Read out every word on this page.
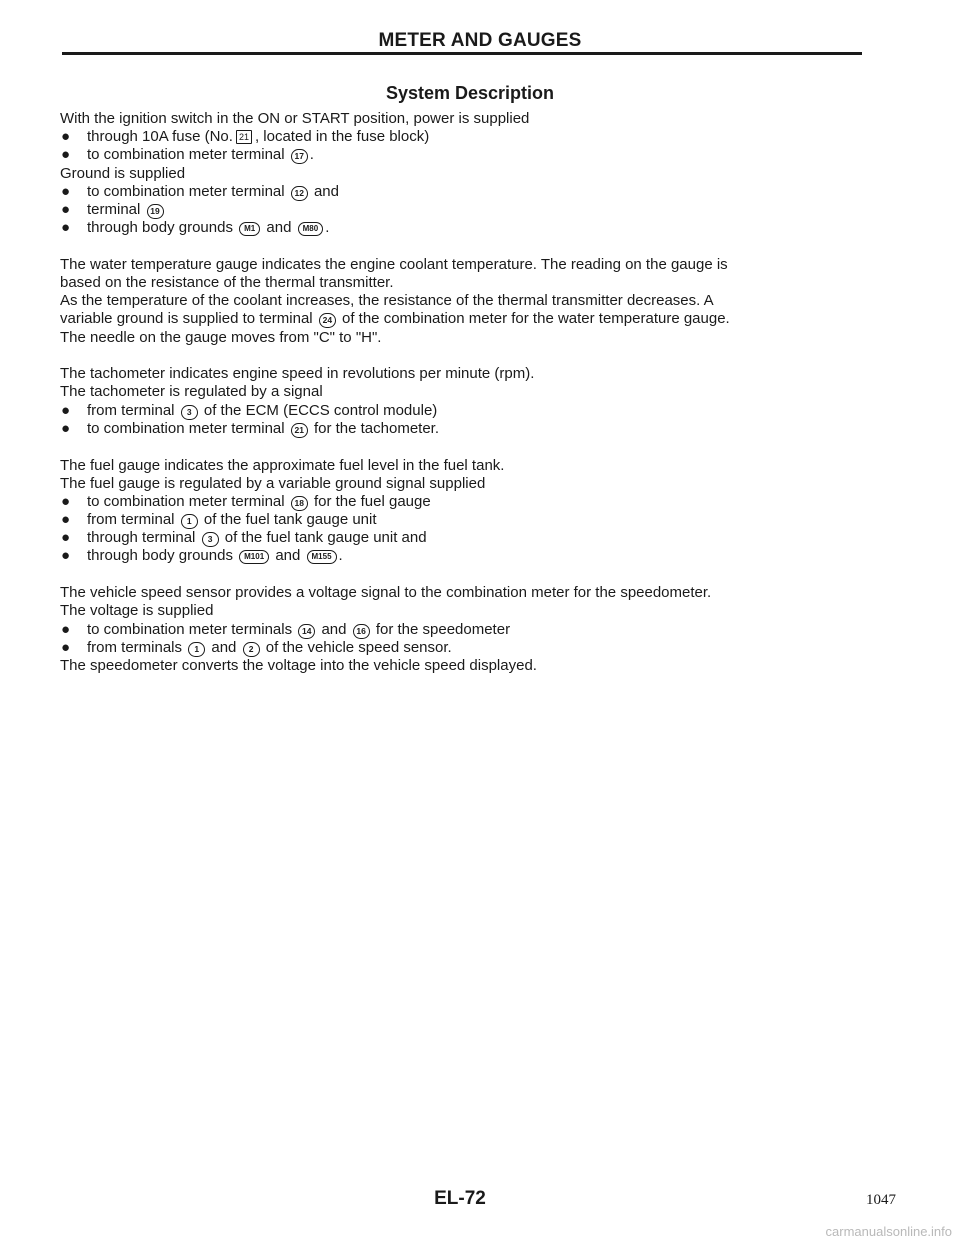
METER AND GAUGES
System Description
With the ignition switch in the ON or START position, power is supplied
● through 10A fuse (No. 21 , located in the fuse block)
● to combination meter terminal 17 .
Ground is supplied
● to combination meter terminal 12 and
● terminal 19
● through body grounds M1 and M80 .
The water temperature gauge indicates the engine coolant temperature. The reading on the gauge is
based on the resistance of the thermal transmitter.
As the temperature of the coolant increases, the resistance of the thermal transmitter decreases. A
variable ground is supplied to terminal 24 of the combination meter for the water temperature gauge.
The needle on the gauge moves from "C" to "H".
The tachometer indicates engine speed in revolutions per minute (rpm).
The tachometer is regulated by a signal
● from terminal 3 of the ECM (ECCS control module)
● to combination meter terminal 21 for the tachometer.
The fuel gauge indicates the approximate fuel level in the fuel tank.
The fuel gauge is regulated by a variable ground signal supplied
● to combination meter terminal 18 for the fuel gauge
● from terminal 1 of the fuel tank gauge unit
● through terminal 3 of the fuel tank gauge unit and
● through body grounds M101 and M155 .
The vehicle speed sensor provides a voltage signal to the combination meter for the speedometer.
The voltage is supplied
● to combination meter terminals 14 and 16 for the speedometer
● from terminals 1 and 2 of the vehicle speed sensor.
The speedometer converts the voltage into the vehicle speed displayed.
EL-72	1047
carmanualsonline.info
